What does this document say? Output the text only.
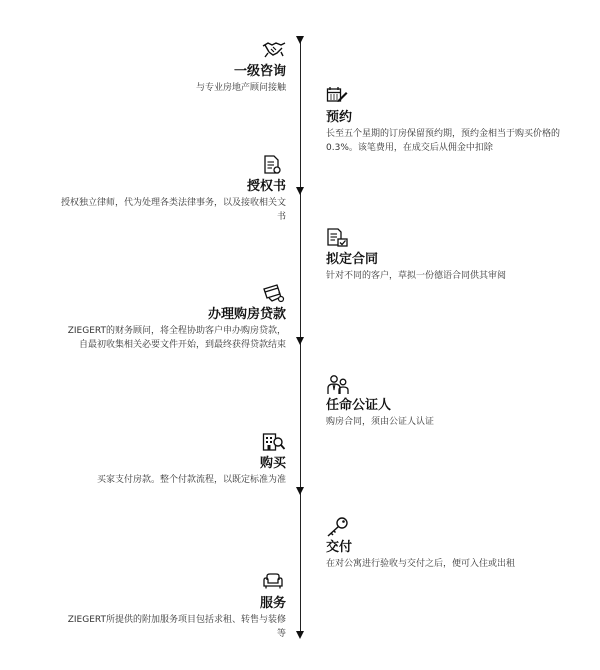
一级咨询
与专业房地产顾问接触
预约
长至五个星期的订房保留预约期，预约金相当于购买价格的0.3%。该笔费用，在成交后从佣金中扣除
授权书
授权独立律师，代为处理各类法律事务，以及接收相关文书
拟定合同
针对不同的客户，草拟一份德语合同供其审阅
办理购房贷款
ZIEGERT的财务顾问，将全程协助客户申办购房贷款，自最初收集相关必要文件开始，到最终获得贷款结束
任命公证人
购房合同，须由公证人认证
购买
买家支付房款。整个付款流程，以既定标准为准
交付
在对公寓进行验收与交付之后，便可入住或出租
服务
ZIEGERT所提供的附加服务项目包括求租、转售与装修等
